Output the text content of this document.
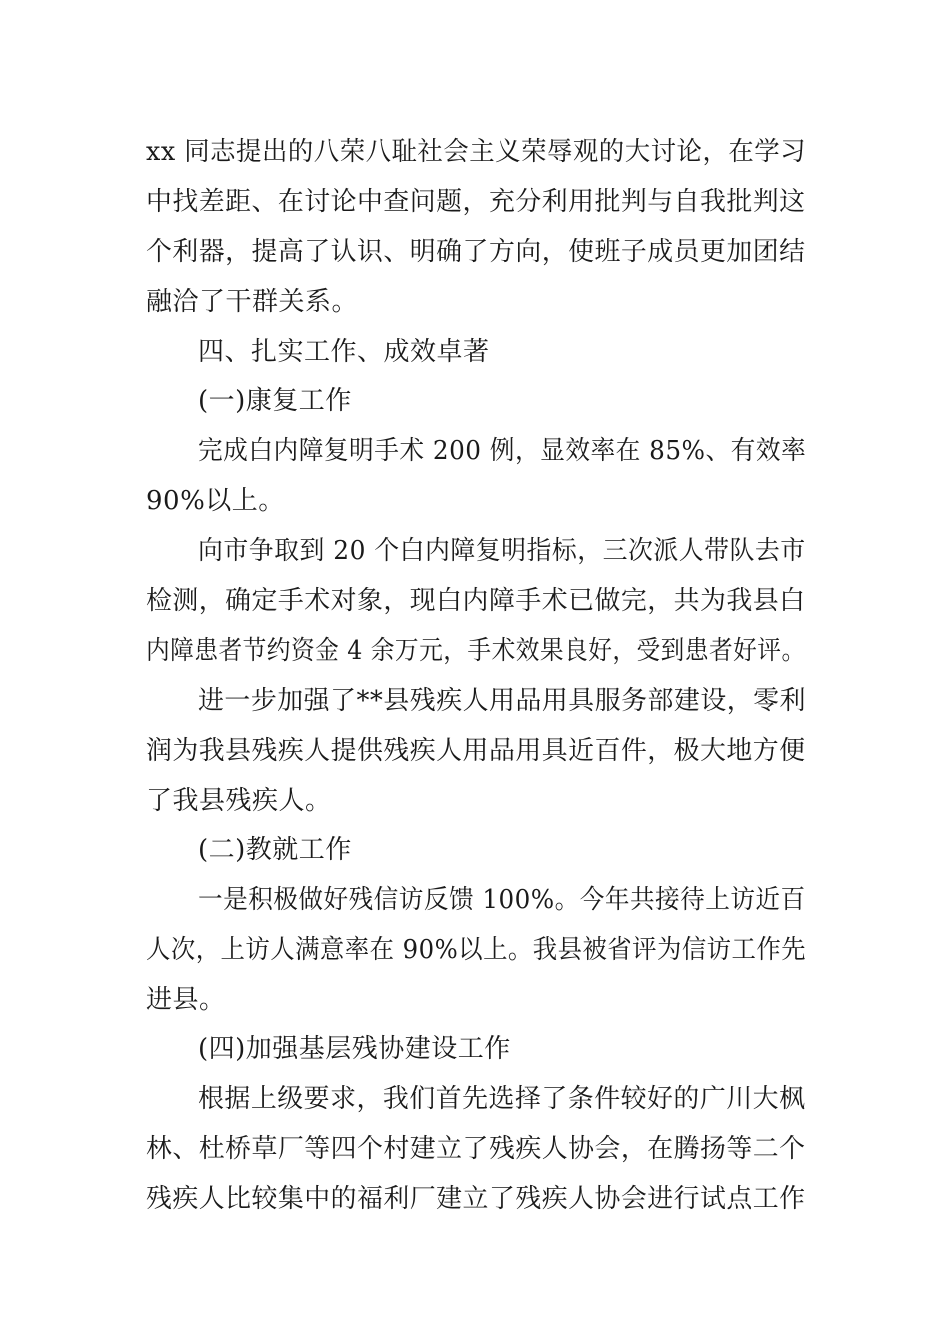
xx 同志提出的八荣八耻社会主义荣辱观的大讨论，在学习
中找差距、在讨论中查问题，充分利用批判与自我批判这
个利器，提高了认识、明确了方向，使班子成员更加团结
融洽了干群关系。
四、扎实工作、成效卓著
(一)康复工作
完成白内障复明手术 200 例，显效率在 85%、有效率
90%以上。
向市争取到 20 个白内障复明指标，三次派人带队去市
检测，确定手术对象，现白内障手术已做完，共为我县白
内障患者节约资金 4 余万元，手术效果良好，受到患者好评。
进一步加强了**县残疾人用品用具服务部建设，零利
润为我县残疾人提供残疾人用品用具近百件，极大地方便
了我县残疾人。
(二)教就工作
一是积极做好残信访反馈 100%。今年共接待上访近百
人次，上访人满意率在 90%以上。我县被省评为信访工作先
进县。
(四)加强基层残协建设工作
根据上级要求，我们首先选择了条件较好的广川大枫
林、杜桥草厂等四个村建立了残疾人协会，在腾扬等二个
残疾人比较集中的福利厂建立了残疾人协会进行试点工作
